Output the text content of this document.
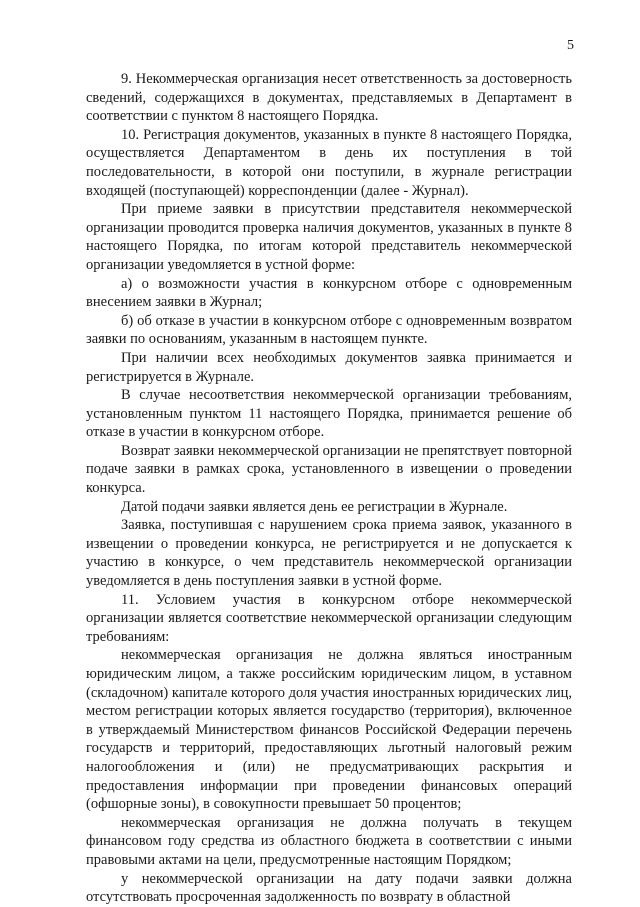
5

9. Некоммерческая организация несет ответственность за достоверность сведений, содержащихся в документах, представляемых в Департамент в соответствии с пунктом 8 настоящего Порядка.

10. Регистрация документов, указанных в пункте 8 настоящего Порядка, осуществляется Департаментом в день их поступления в той последовательности, в которой они поступили, в журнале регистрации входящей (поступающей) корреспонденции (далее - Журнал).

При приеме заявки в присутствии представителя некоммерческой организации проводится проверка наличия документов, указанных в пункте 8 настоящего Порядка, по итогам которой представитель некоммерческой организации уведомляется в устной форме:

а) о возможности участия в конкурсном отборе с одновременным внесением заявки в Журнал;

б) об отказе в участии в конкурсном отборе с одновременным возвратом заявки по основаниям, указанным в настоящем пункте.

При наличии всех необходимых документов заявка принимается и регистрируется в Журнале.

В случае несоответствия некоммерческой организации требованиям, установленным пунктом 11 настоящего Порядка, принимается решение об отказе в участии в конкурсном отборе.

Возврат заявки некоммерческой организации не препятствует повторной подаче заявки в рамках срока, установленного в извещении о проведении конкурса.

Датой подачи заявки является день ее регистрации в Журнале.

Заявка, поступившая с нарушением срока приема заявок, указанного в извещении о проведении конкурса, не регистрируется и не допускается к участию в конкурсе, о чем представитель некоммерческой организации уведомляется в день поступления заявки в устной форме.

11. Условием участия в конкурсном отборе некоммерческой организации является соответствие некоммерческой организации следующим требованиям:

некоммерческая организация не должна являться иностранным юридическим лицом, а также российским юридическим лицом, в уставном (складочном) капитале которого доля участия иностранных юридических лиц, местом регистрации которых является государство (территория), включенное в утверждаемый Министерством финансов Российской Федерации перечень государств и территорий, предоставляющих льготный налоговый режим налогообложения и (или) не предусматривающих раскрытия и предоставления информации при проведении финансовых операций (офшорные зоны), в совокупности превышает 50 процентов;

некоммерческая организация не должна получать в текущем финансовом году средства из областного бюджета в соответствии с иными правовыми актами на цели, предусмотренные настоящим Порядком;

у некоммерческой организации на дату подачи заявки должна отсутствовать просроченная задолженность по возврату в областной
